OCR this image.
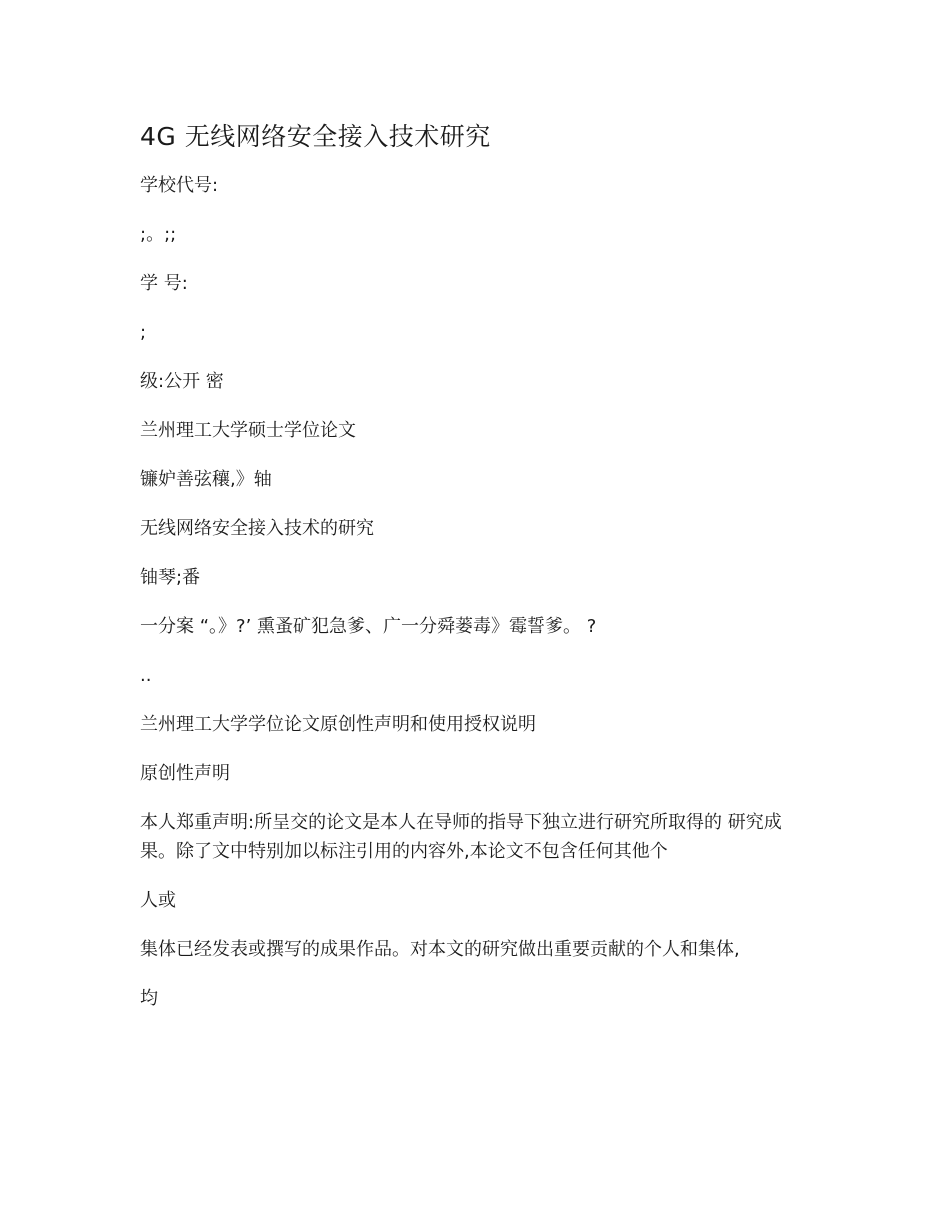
4G 无线网络安全接入技术研究

学校代号:

;。;;

学 号:

;

级:公开 密

兰州理工大学硕士学位论文

镰妒善弦穰,》轴

无线网络安全接入技术的研究

铀琴;番

一分案 “。》?’ 熏蚤矿犯急爹、广一分舜蒌毒》霉誓爹。 ?

..

兰州理工大学学位论文原创性声明和使用授权说明

原创性声明

本人郑重声明:所呈交的论文是本人在导师的指导下独立进行研究所取得的 研究成果。除了文中特别加以标注引用的内容外,本论文不包含任何其他个

人或

集体已经发表或撰写的成果作品。对本文的研究做出重要贡献的个人和集体,

均
